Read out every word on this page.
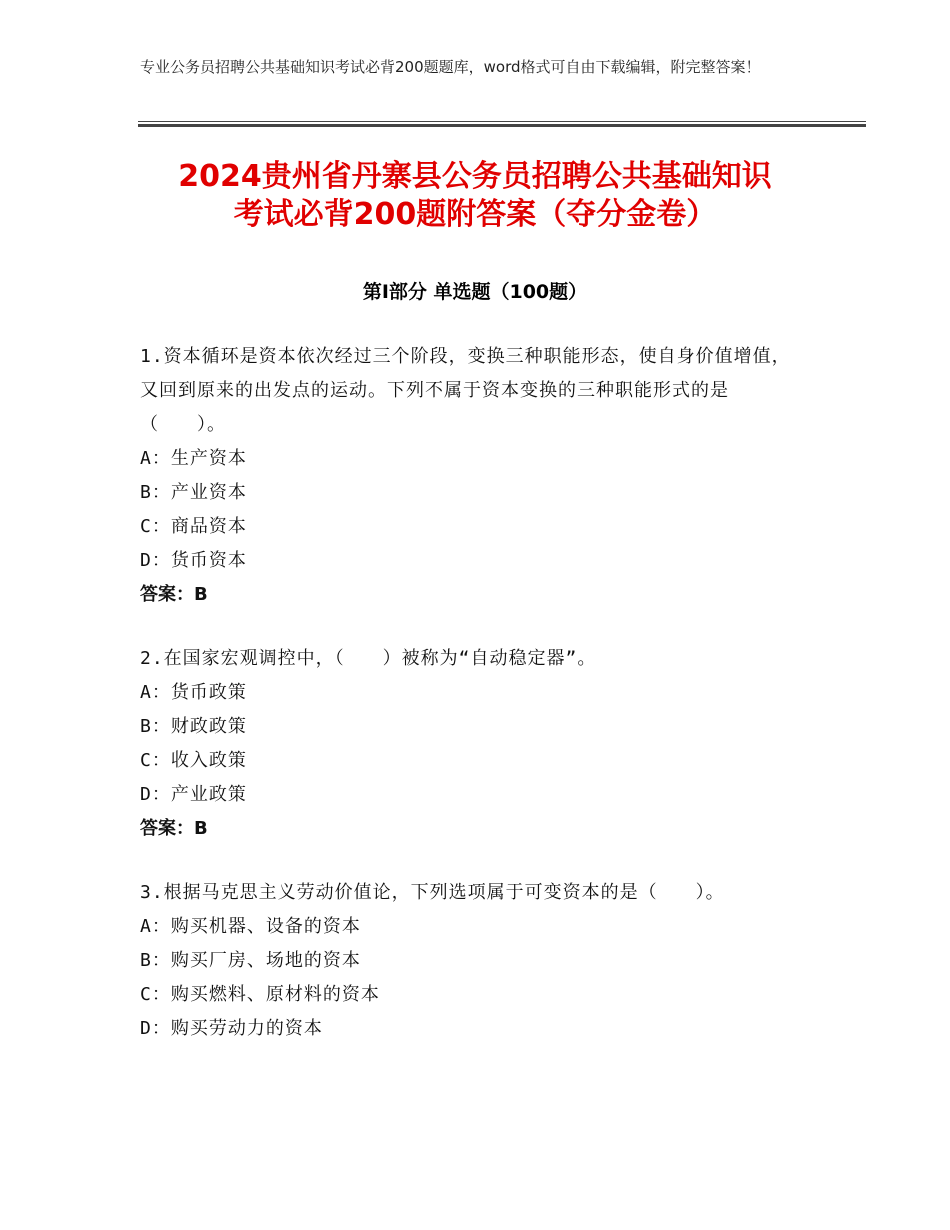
专业公务员招聘公共基础知识考试必背200题题库，word格式可自由下载编辑，附完整答案！
2024贵州省丹寨县公务员招聘公共基础知识
考试必背200题附答案（夺分金卷）
第Ⅰ部分 单选题（100题）
1.资本循环是资本依次经过三个阶段，变换三种职能形态，使自身价值增值，又回到原来的出发点的运动。下列不属于资本变换的三种职能形式的是（　　）。
A：生产资本
B：产业资本
C：商品资本
D：货币资本
答案：B
2.在国家宏观调控中，（　　）被称为“自动稳定器”。
A：货币政策
B：财政政策
C：收入政策
D：产业政策
答案：B
3.根据马克思主义劳动价值论，下列选项属于可变资本的是（　　）。
A：购买机器、设备的资本
B：购买厂房、场地的资本
C：购买燃料、原材料的资本
D：购买劳动力的资本
